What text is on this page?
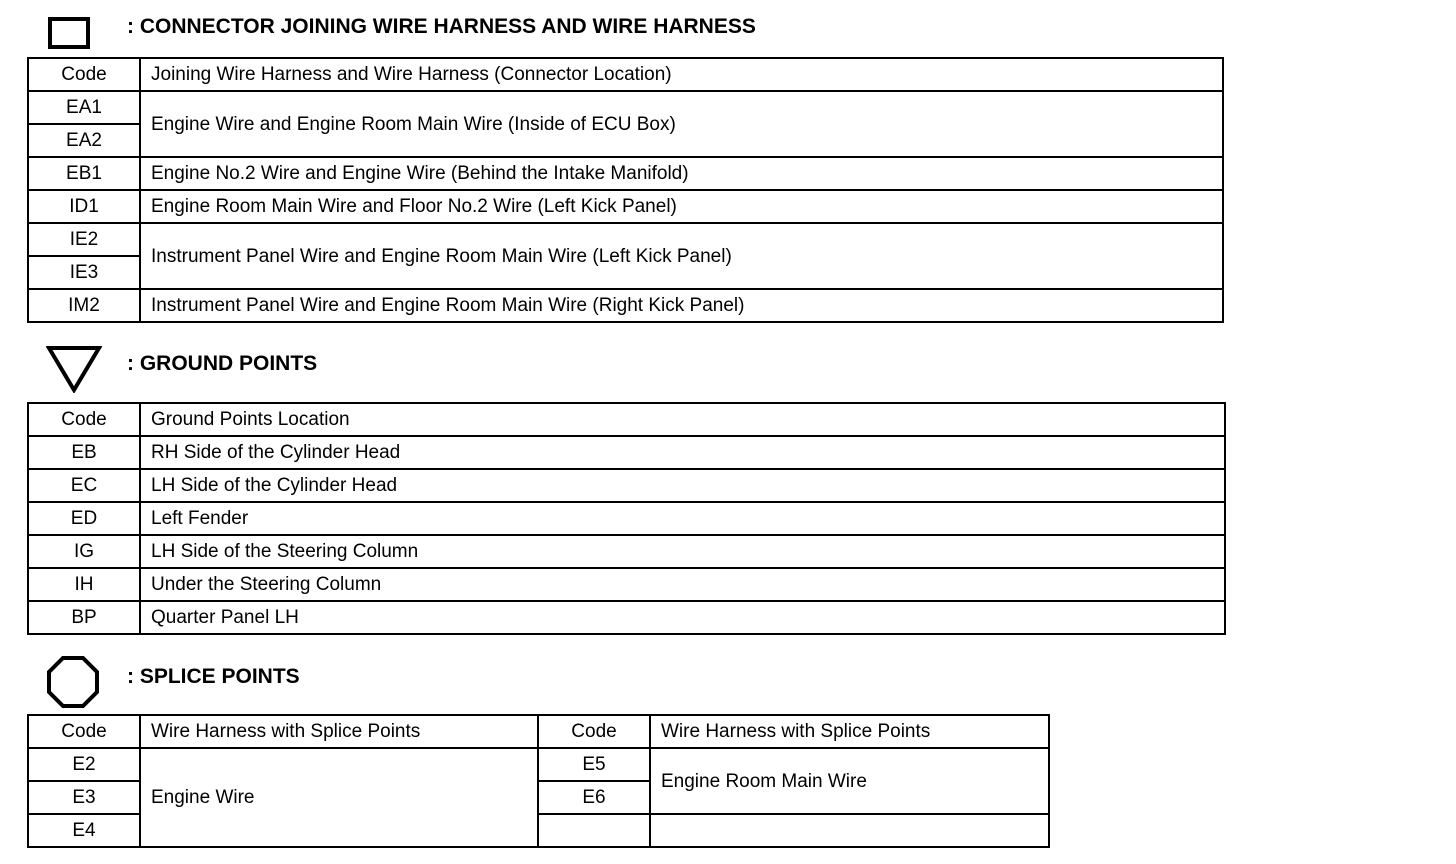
: CONNECTOR JOINING WIRE HARNESS AND WIRE HARNESS
Code	Joining Wire Harness and Wire Harness (Connector Location)
EA1	Engine Wire and Engine Room Main Wire (Inside of ECU Box)
EA2	
EB1	Engine No.2 Wire and Engine Wire (Behind the Intake Manifold)
ID1	Engine Room Main Wire and Floor No.2 Wire (Left Kick Panel)
IE2	Instrument Panel Wire and Engine Room Main Wire (Left Kick Panel)
IE3	
IM2	Instrument Panel Wire and Engine Room Main Wire (Right Kick Panel)
: GROUND POINTS
Code	Ground Points Location
EB	RH Side of the Cylinder Head
EC	LH Side of the Cylinder Head
ED	Left Fender
IG	LH Side of the Steering Column
IH	Under the Steering Column
BP	Quarter Panel LH
: SPLICE POINTS
Code	Wire Harness with Splice Points	Code	Wire Harness with Splice Points
E2	Engine Wire	E5	Engine Room Main Wire
E3		E6	
E4			
